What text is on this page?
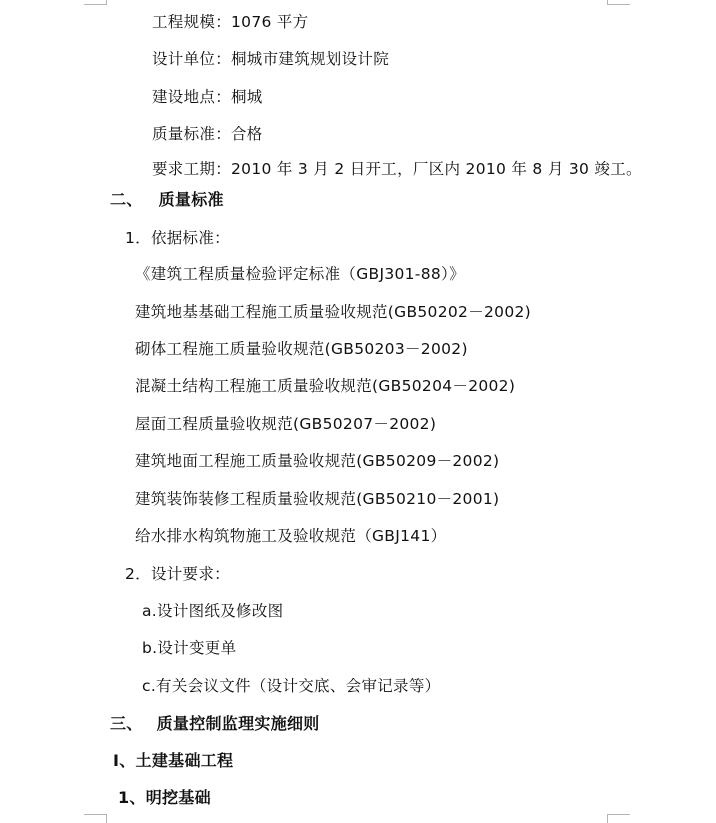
工程规模：1076 平方
设计单位：桐城市建筑规划设计院
建设地点：桐城
质量标准：合格
要求工期：2010 年 3 月 2 日开工，厂区内 2010 年 8 月 30 竣工。
二、 质量标准
1．依据标准：
《建筑工程质量检验评定标准（GBJ301-88）》
建筑地基基础工程施工质量验收规范(GB50202－2002)
砌体工程施工质量验收规范(GB50203－2002)
混凝土结构工程施工质量验收规范(GB50204－2002)
屋面工程质量验收规范(GB50207－2002)
建筑地面工程施工质量验收规范(GB50209－2002)
建筑装饰装修工程质量验收规范(GB50210－2001)
给水排水构筑物施工及验收规范（GBJ141）
2．设计要求：
a.设计图纸及修改图
b.设计变更单
c.有关会议文件（设计交底、会审记录等）
三、 质量控制监理实施细则
Ⅰ、土建基础工程
1、明挖基础
